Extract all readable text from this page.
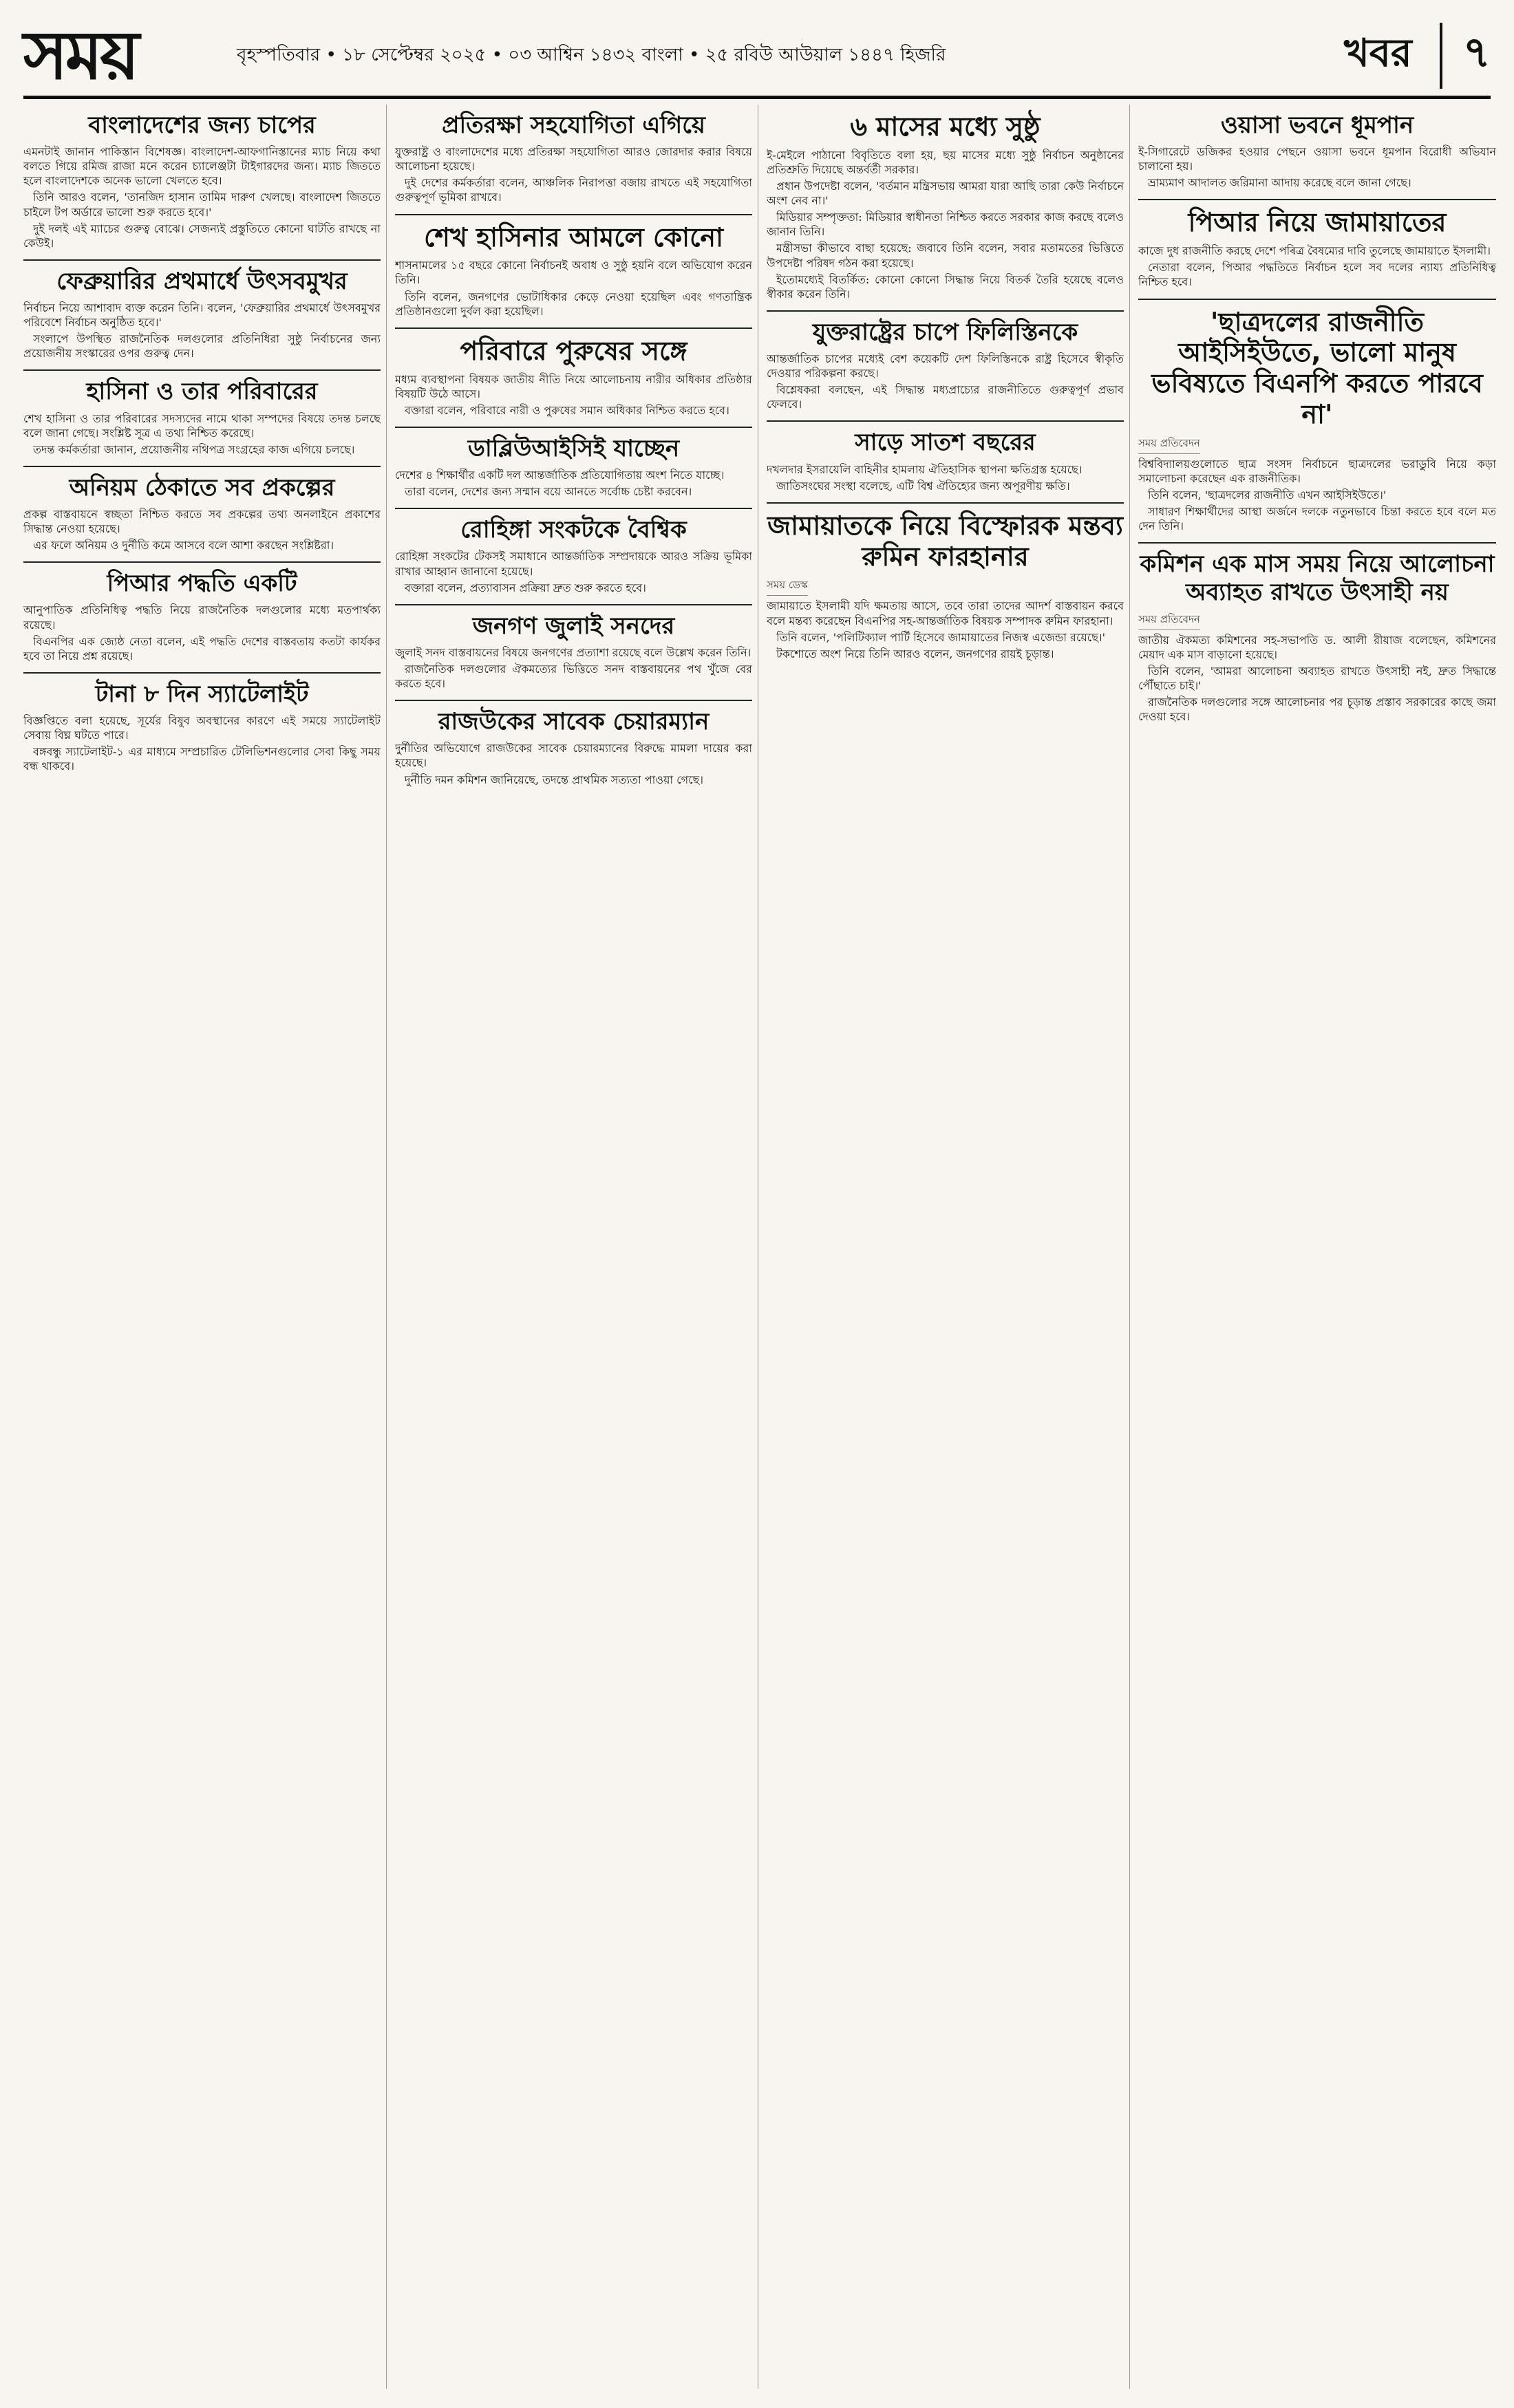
সময়	বৃহস্পতিবার • ১৮ সেপ্টেম্বর ২০২৫ • ০৩ আশ্বিন ১৪৩২ বাংলা • ২৫ রবিউ আউয়াল ১৪৪৭ হিজরি	খবর	৭
বাংলাদেশের জন্য চাপের

এমনটাই জানান পাকিস্তান বিশেষজ্ঞ। বাংলাদেশ-আফগানিস্তানের ম্যাচ নিয়ে কথা বলতে গিয়ে রমিজ রাজা মনে করেন চ্যালেঞ্জটা টাইগারদের জন্য। ম্যাচ জিততে হলে বাংলাদেশকে অনেক ভালো খেলতে হবে।

তিনি আরও বলেন, 'তানজিদ হাসান তামিম দারুণ খেলছে। বাংলাদেশ জিততে চাইলে টপ অর্ডারে ভালো শুরু করতে হবে।'

দুই দলই এই ম্যাচের গুরুত্ব বোঝে। সেজন্যই প্রস্তুতিতে কোনো ঘাটতি রাখছে না কেউই।

ফেব্রুয়ারির প্রথমার্ধে উৎসবমুখর

নির্বাচন নিয়ে আশাবাদ ব্যক্ত করেন তিনি। বলেন, 'ফেব্রুয়ারির প্রথমার্ধে উৎসবমুখর পরিবেশে নির্বাচন অনুষ্ঠিত হবে।'

সংলাপে উপস্থিত রাজনৈতিক দলগুলোর প্রতিনিধিরা সুষ্ঠু নির্বাচনের জন্য প্রয়োজনীয় সংস্কারের ওপর গুরুত্ব দেন।

হাসিনা ও তার পরিবারের

শেখ হাসিনা ও তার পরিবারের সদস্যদের নামে থাকা সম্পদের বিষয়ে তদন্ত চলছে বলে জানা গেছে। সংশ্লিষ্ট সূত্র এ তথ্য নিশ্চিত করেছে।

তদন্ত কর্মকর্তারা জানান, প্রয়োজনীয় নথিপত্র সংগ্রহের কাজ এগিয়ে চলছে।

অনিয়ম ঠেকাতে সব প্রকল্পের

প্রকল্প বাস্তবায়নে স্বচ্ছতা নিশ্চিত করতে সব প্রকল্পের তথ্য অনলাইনে প্রকাশের সিদ্ধান্ত নেওয়া হয়েছে।

এর ফলে অনিয়ম ও দুর্নীতি কমে আসবে বলে আশা করছেন সংশ্লিষ্টরা।

পিআর পদ্ধতি একটি

আনুপাতিক প্রতিনিধিত্ব পদ্ধতি নিয়ে রাজনৈতিক দলগুলোর মধ্যে মতপার্থক্য রয়েছে।

বিএনপির এক জ্যেষ্ঠ নেতা বলেন, এই পদ্ধতি দেশের বাস্তবতায় কতটা কার্যকর হবে তা নিয়ে প্রশ্ন রয়েছে।

টানা ৮ দিন স্যাটেলাইট

বিজ্ঞপ্তিতে বলা হয়েছে, সূর্যের বিষুব অবস্থানের কারণে এই সময়ে স্যাটেলাইট সেবায় বিঘ্ন ঘটতে পারে।

বঙ্গবন্ধু স্যাটেলাইট-১ এর মাধ্যমে সম্প্রচারিত টেলিভিশনগুলোর সেবা কিছু সময় বন্ধ থাকবে।

প্রতিরক্ষা সহযোগিতা এগিয়ে

যুক্তরাষ্ট্র ও বাংলাদেশের মধ্যে প্রতিরক্ষা সহযোগিতা আরও জোরদার করার বিষয়ে আলোচনা হয়েছে।

দুই দেশের কর্মকর্তারা বলেন, আঞ্চলিক নিরাপত্তা বজায় রাখতে এই সহযোগিতা গুরুত্বপূর্ণ ভূমিকা রাখবে।

শেখ হাসিনার আমলে কোনো

শাসনামলের ১৫ বছরে কোনো নির্বাচনই অবাধ ও সুষ্ঠু হয়নি বলে অভিযোগ করেন তিনি।

তিনি বলেন, জনগণের ভোটাধিকার কেড়ে নেওয়া হয়েছিল এবং গণতান্ত্রিক প্রতিষ্ঠানগুলো দুর্বল করা হয়েছিল।

পরিবারে পুরুষের সঙ্গে

মধ্যম ব্যবস্থাপনা বিষয়ক জাতীয় নীতি নিয়ে আলোচনায় নারীর অধিকার প্রতিষ্ঠার বিষয়টি উঠে আসে।

বক্তারা বলেন, পরিবারে নারী ও পুরুষের সমান অধিকার নিশ্চিত করতে হবে।

ডাব্লিউআইসিই যাচ্ছেন

দেশের ৪ শিক্ষার্থীর একটি দল আন্তর্জাতিক প্রতিযোগিতায় অংশ নিতে যাচ্ছে।

তারা বলেন, দেশের জন্য সম্মান বয়ে আনতে সর্বোচ্চ চেষ্টা করবেন।

রোহিঙ্গা সংকটকে বৈশ্বিক

রোহিঙ্গা সংকটের টেকসই সমাধানে আন্তর্জাতিক সম্প্রদায়কে আরও সক্রিয় ভূমিকা রাখার আহ্বান জানানো হয়েছে।

বক্তারা বলেন, প্রত্যাবাসন প্রক্রিয়া দ্রুত শুরু করতে হবে।

জনগণ জুলাই সনদের

জুলাই সনদ বাস্তবায়নের বিষয়ে জনগণের প্রত্যাশা রয়েছে বলে উল্লেখ করেন তিনি।

রাজনৈতিক দলগুলোর ঐকমত্যের ভিত্তিতে সনদ বাস্তবায়নের পথ খুঁজে বের করতে হবে।

রাজউকের সাবেক চেয়ারম্যান

দুর্নীতির অভিযোগে রাজউকের সাবেক চেয়ারম্যানের বিরুদ্ধে মামলা দায়ের করা হয়েছে।

দুর্নীতি দমন কমিশন জানিয়েছে, তদন্তে প্রাথমিক সত্যতা পাওয়া গেছে।

৬ মাসের মধ্যে সুষ্ঠু

ই-মেইলে পাঠানো বিবৃতিতে বলা হয়, ছয় মাসের মধ্যে সুষ্ঠু নির্বাচন অনুষ্ঠানের প্রতিশ্রুতি দিয়েছে অন্তর্বর্তী সরকার।

প্রধান উপদেষ্টা বলেন, 'বর্তমান মন্ত্রিসভায় আমরা যারা আছি তারা কেউ নির্বাচনে অংশ নেব না।'

মিডিয়ার সম্পৃক্ততা: মিডিয়ার স্বাধীনতা নিশ্চিত করতে সরকার কাজ করছে বলেও জানান তিনি।

মন্ত্রীসভা কীভাবে বাছা হয়েছে: জবাবে তিনি বলেন, সবার মতামতের ভিত্তিতে উপদেষ্টা পরিষদ গঠন করা হয়েছে।

ইতোমধ্যেই বিতর্কিত: কোনো কোনো সিদ্ধান্ত নিয়ে বিতর্ক তৈরি হয়েছে বলেও স্বীকার করেন তিনি।

যুক্তরাষ্ট্রের চাপে ফিলিস্তিনকে

আন্তর্জাতিক চাপের মধ্যেই বেশ কয়েকটি দেশ ফিলিস্তিনকে রাষ্ট্র হিসেবে স্বীকৃতি দেওয়ার পরিকল্পনা করছে।

বিশ্লেষকরা বলছেন, এই সিদ্ধান্ত মধ্যপ্রাচ্যের রাজনীতিতে গুরুত্বপূর্ণ প্রভাব ফেলবে।

সাড়ে সাতশ বছরের

দখলদার ইসরায়েলি বাহিনীর হামলায় ঐতিহাসিক স্থাপনা ক্ষতিগ্রস্ত হয়েছে।

জাতিসংঘের সংস্থা বলেছে, এটি বিশ্ব ঐতিহ্যের জন্য অপূরণীয় ক্ষতি।

জামায়াতকে নিয়ে বিস্ফোরক মন্তব্য রুমিন ফারহানার
সময় ডেস্ক

জামায়াতে ইসলামী যদি ক্ষমতায় আসে, তবে তারা তাদের আদর্শ বাস্তবায়ন করবে বলে মন্তব্য করেছেন বিএনপির সহ-আন্তর্জাতিক বিষয়ক সম্পাদক রুমিন ফারহানা।

তিনি বলেন, 'পলিটিক্যাল পার্টি হিসেবে জামায়াতের নিজস্ব এজেন্ডা রয়েছে।'

টকশোতে অংশ নিয়ে তিনি আরও বলেন, জনগণের রায়ই চূড়ান্ত।

ওয়াসা ভবনে ধূমপান

ই-সিগারেটে ডজিকর হওয়ার পেছনে ওয়াসা ভবনে ধূমপান বিরোধী অভিযান চালানো হয়।

ভ্রাম্যমাণ আদালত জরিমানা আদায় করেছে বলে জানা গেছে।

পিআর নিয়ে জামায়াতের

কাজে দুধ রাজনীতি করছে দেশে পৰিত্র বৈষম্যের দাবি তুলেছে জামায়াতে ইসলামী।

নেতারা বলেন, পিআর পদ্ধতিতে নির্বাচন হলে সব দলের ন্যায্য প্রতিনিধিত্ব নিশ্চিত হবে।

'ছাত্রদলের রাজনীতি আইসিইউতে, ভালো মানুষ ভবিষ্যতে বিএনপি করতে পারবে না'
সময় প্রতিবেদন

বিশ্ববিদ্যালয়গুলোতে ছাত্র সংসদ নির্বাচনে ছাত্রদলের ভরাডুবি নিয়ে কড়া সমালোচনা করেছেন এক রাজনীতিক।

তিনি বলেন, 'ছাত্রদলের রাজনীতি এখন আইসিইউতে।'

সাধারণ শিক্ষার্থীদের আস্থা অর্জনে দলকে নতুনভাবে চিন্তা করতে হবে বলে মত দেন তিনি।

কমিশন এক মাস সময় নিয়ে আলোচনা অব্যাহত রাখতে উৎসাহী নয়
সময় প্রতিবেদন

জাতীয় ঐকমত্য কমিশনের সহ-সভাপতি ড. আলী রীয়াজ বলেছেন, কমিশনের মেয়াদ এক মাস বাড়ানো হয়েছে।

তিনি বলেন, 'আমরা আলোচনা অব্যাহত রাখতে উৎসাহী নই, দ্রুত সিদ্ধান্তে পৌঁছাতে চাই।'

রাজনৈতিক দলগুলোর সঙ্গে আলোচনার পর চূড়ান্ত প্রস্তাব সরকারের কাছে জমা দেওয়া হবে।
